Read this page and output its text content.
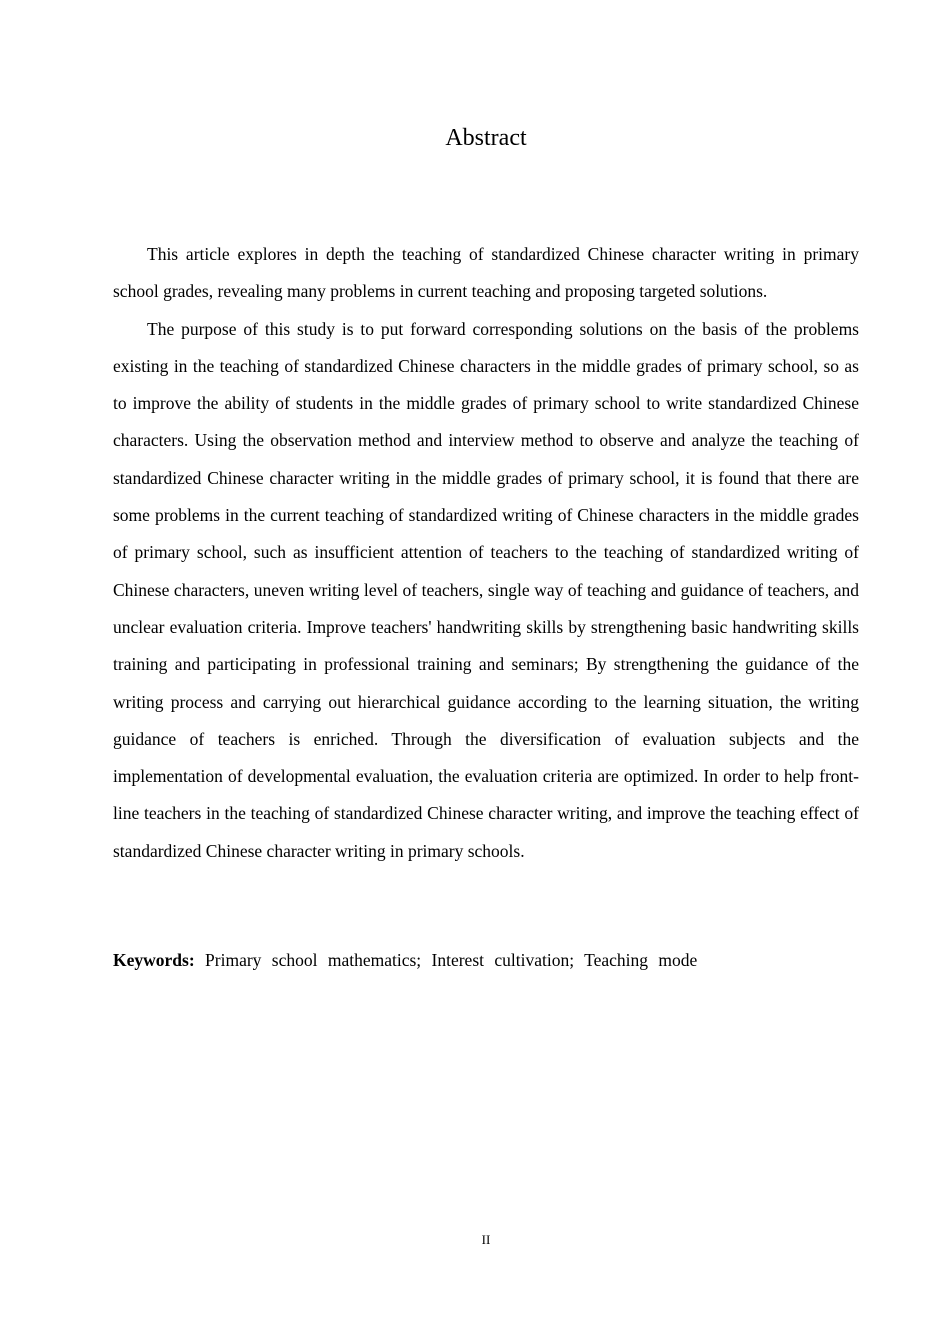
Abstract

This article explores in depth the teaching of standardized Chinese character writing in primary school grades, revealing many problems in current teaching and proposing targeted solutions.

The purpose of this study is to put forward corresponding solutions on the basis of the problems existing in the teaching of standardized Chinese characters in the middle grades of primary school, so as to improve the ability of students in the middle grades of primary school to write standardized Chinese characters. Using the observation method and interview method to observe and analyze the teaching of standardized Chinese character writing in the middle grades of primary school, it is found that there are some problems in the current teaching of standardized writing of Chinese characters in the middle grades of primary school, such as insufficient attention of teachers to the teaching of standardized writing of Chinese characters, uneven writing level of teachers, single way of teaching and guidance of teachers, and unclear evaluation criteria. Improve teachers' handwriting skills by strengthening basic handwriting skills training and participating in professional training and seminars; By strengthening the guidance of the writing process and carrying out hierarchical guidance according to the learning situation, the writing guidance of teachers is enriched. Through the diversification of evaluation subjects and the implementation of developmental evaluation, the evaluation criteria are optimized. In order to help front-line teachers in the teaching of standardized Chinese character writing, and improve the teaching effect of standardized Chinese character writing in primary schools.

Keywords: Primary school mathematics; Interest cultivation; Teaching mode

II
